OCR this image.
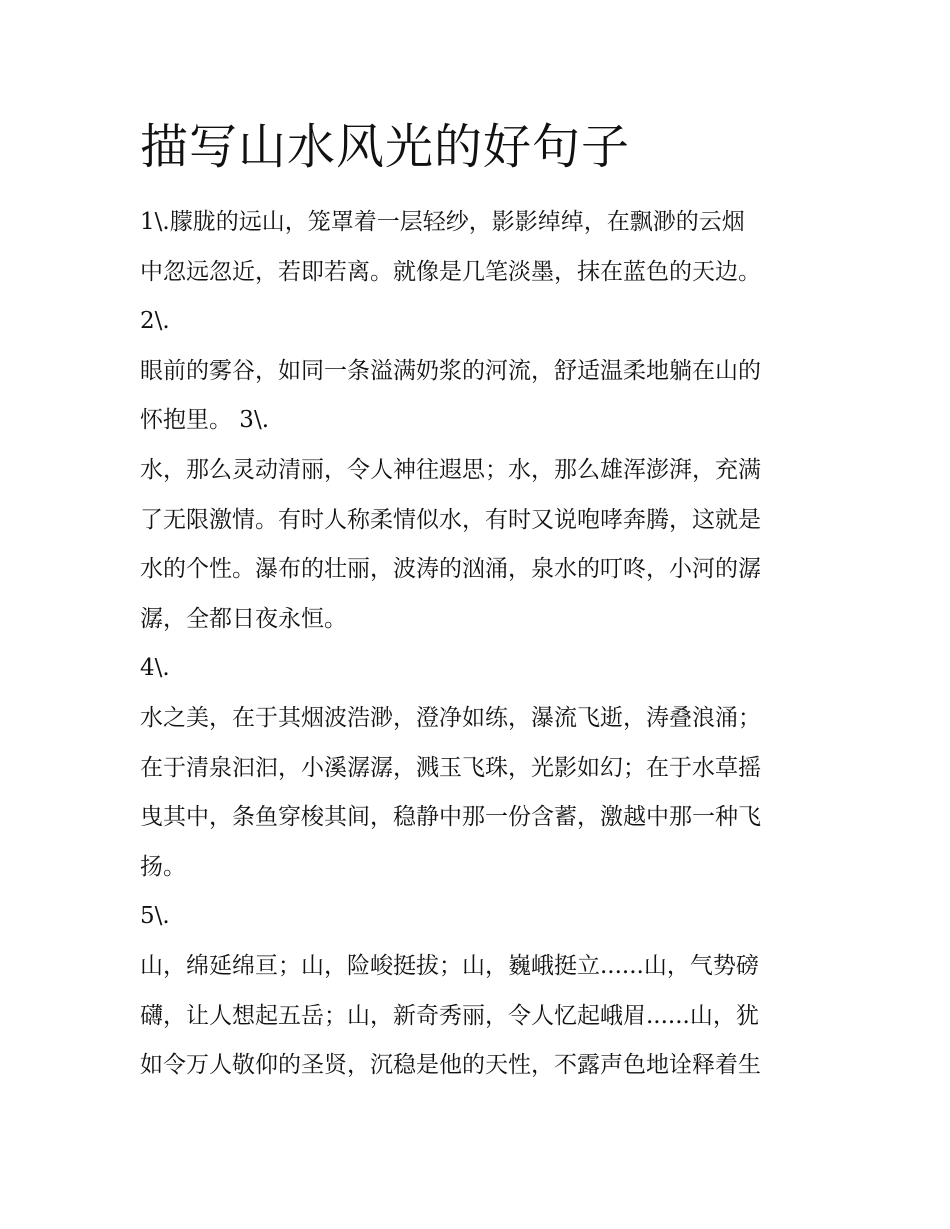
描写山水风光的好句子
1\.朦胧的远山，笼罩着一层轻纱，影影绰绰，在飘渺的云烟
中忽远忽近，若即若离。就像是几笔淡墨，抹在蓝色的天边。
2\.
眼前的雾谷，如同一条溢满奶浆的河流，舒适温柔地躺在山的
怀抱里。 3\.
水，那么灵动清丽，令人神往遐思；水，那么雄浑澎湃，充满
了无限激情。有时人称柔情似水，有时又说咆哮奔腾，这就是
水的个性。瀑布的壮丽，波涛的汹涌，泉水的叮咚，小河的潺
潺，全都日夜永恒。
4\.
水之美，在于其烟波浩渺，澄净如练，瀑流飞逝，涛叠浪涌；
在于清泉汩汩，小溪潺潺，溅玉飞珠，光影如幻；在于水草摇
曳其中，条鱼穿梭其间，稳静中那一份含蓄，激越中那一种飞
扬。
5\.
山，绵延绵亘；山，险峻挺拔；山，巍峨挺立......山，气势磅
礴，让人想起五岳；山，新奇秀丽，令人忆起峨眉......山，犹
如令万人敬仰的圣贤，沉稳是他的天性，不露声色地诠释着生
